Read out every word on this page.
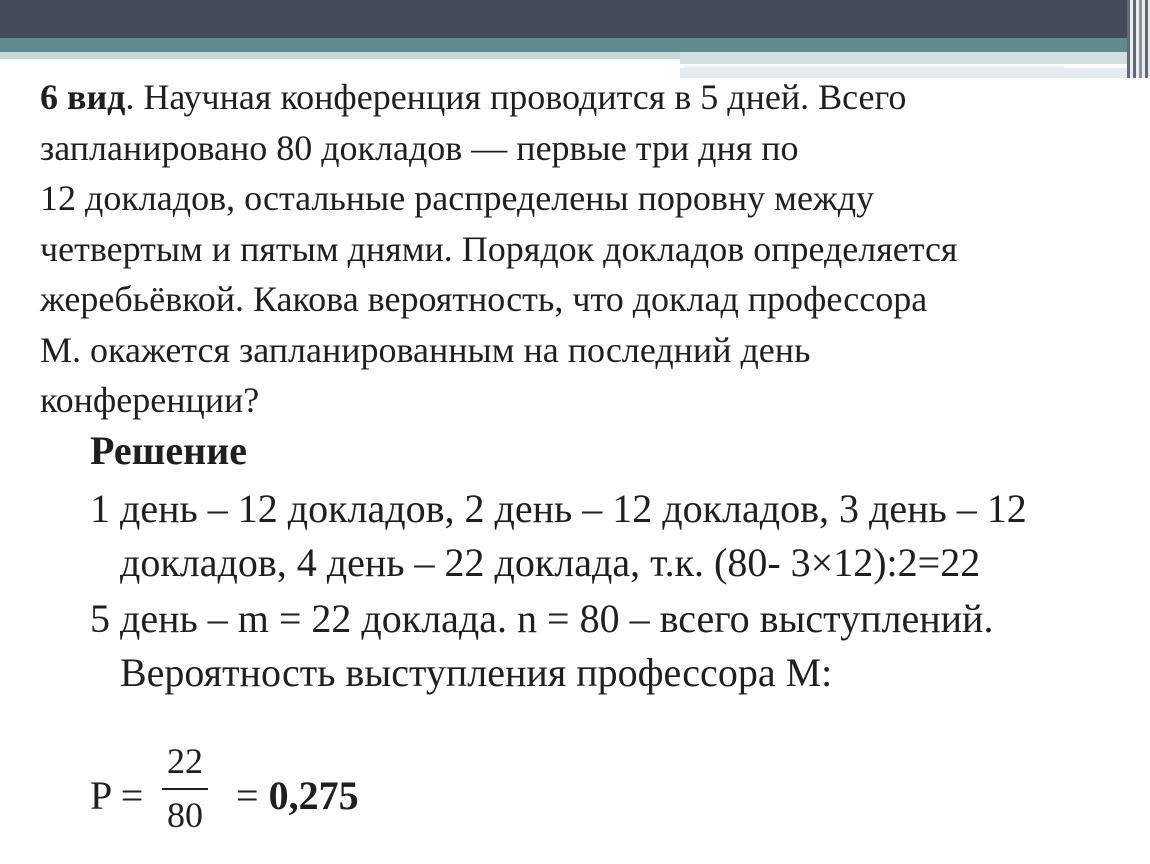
6 вид. Научная конференция проводится в 5 дней. Всего
запланировано 80 докладов — первые три дня по
12 докладов, остальные распределены поровну между
четвертым и пятым днями. Порядок докладов определяется
жеребьёвкой. Какова вероятность, что доклад профессора
М. окажется запланированным на последний день
конференции?
Решение
1 день – 12 докладов, 2 день – 12 докладов, 3 день – 12
докладов, 4 день – 22 доклада, т.к. (80- 3×12):2=22
5 день – m = 22 доклада. n = 80 – всего выступлений.
Вероятность выступления профессора М:
P =
22
80 = 0,275
